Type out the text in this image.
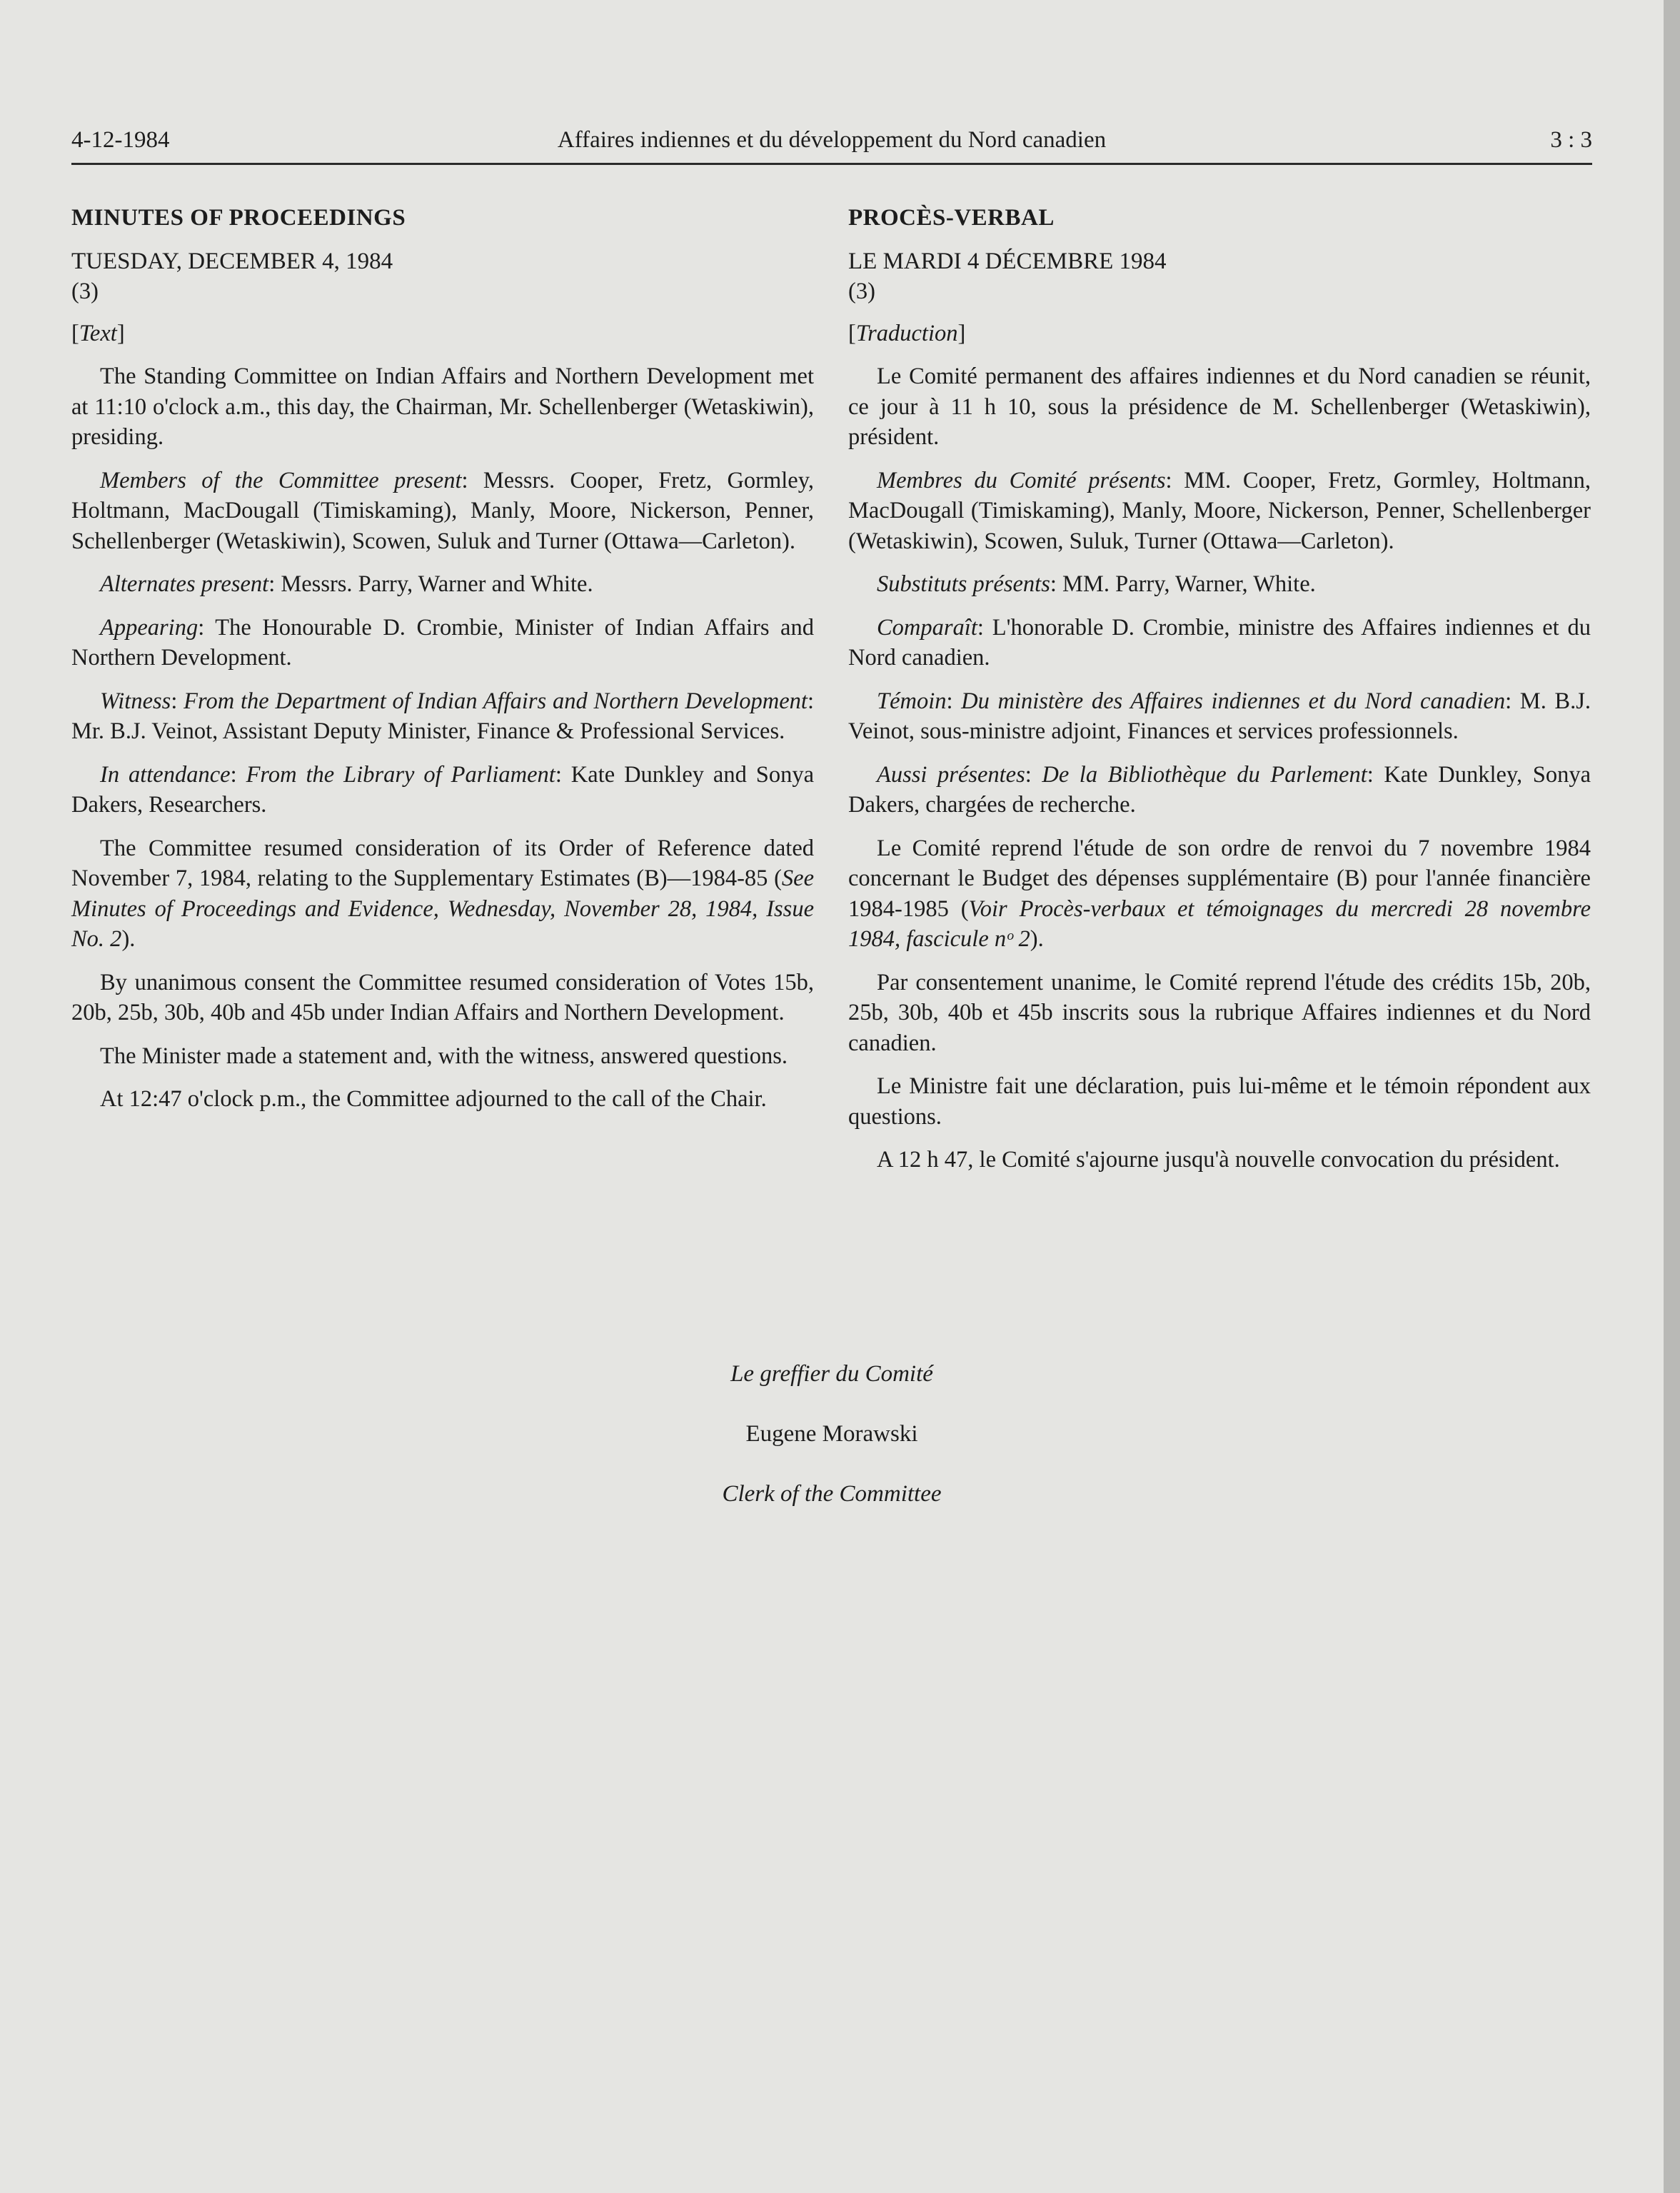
4-12-1984	Affaires indiennes et du développement du Nord canadien	3 : 3
MINUTES OF PROCEEDINGS

TUESDAY, DECEMBER 4, 1984

(3)

[Text]

The Standing Committee on Indian Affairs and Northern Development met at 11:10 o'clock a.m., this day, the Chairman, Mr. Schellenberger (Wetaskiwin), presiding.

Members of the Committee present: Messrs. Cooper, Fretz, Gormley, Holtmann, MacDougall (Timiskaming), Manly, Moore, Nickerson, Penner, Schellenberger (Wetaskiwin), Scowen, Suluk and Turner (Ottawa—Carleton).

Alternates present: Messrs. Parry, Warner and White.

Appearing: The Honourable D. Crombie, Minister of Indian Affairs and Northern Development.

Witness: From the Department of Indian Affairs and Northern Development: Mr. B.J. Veinot, Assistant Deputy Minister, Finance & Professional Services.

In attendance: From the Library of Parliament: Kate Dunkley and Sonya Dakers, Researchers.

The Committee resumed consideration of its Order of Reference dated November 7, 1984, relating to the Supplementary Estimates (B)—1984-85 (See Minutes of Proceedings and Evidence, Wednesday, November 28, 1984, Issue No. 2).

By unanimous consent the Committee resumed consideration of Votes 15b, 20b, 25b, 30b, 40b and 45b under Indian Affairs and Northern Development.

The Minister made a statement and, with the witness, answered questions.

At 12:47 o'clock p.m., the Committee adjourned to the call of the Chair.

PROCÈS-VERBAL

LE MARDI 4 DÉCEMBRE 1984

(3)

[Traduction]

Le Comité permanent des affaires indiennes et du Nord canadien se réunit, ce jour à 11 h 10, sous la présidence de M. Schellenberger (Wetaskiwin), président.

Membres du Comité présents: MM. Cooper, Fretz, Gormley, Holtmann, MacDougall (Timiskaming), Manly, Moore, Nickerson, Penner, Schellenberger (Wetaskiwin), Scowen, Suluk, Turner (Ottawa—Carleton).

Substituts présents: MM. Parry, Warner, White.

Comparaît: L'honorable D. Crombie, ministre des Affaires indiennes et du Nord canadien.

Témoin: Du ministère des Affaires indiennes et du Nord canadien: M. B.J. Veinot, sous-ministre adjoint, Finances et services professionnels.

Aussi présentes: De la Bibliothèque du Parlement: Kate Dunkley, Sonya Dakers, chargées de recherche.

Le Comité reprend l'étude de son ordre de renvoi du 7 novembre 1984 concernant le Budget des dépenses supplémentaire (B) pour l'année financière 1984-1985 (Voir Procès-verbaux et témoignages du mercredi 28 novembre 1984, fascicule nᵒ 2).

Par consentement unanime, le Comité reprend l'étude des crédits 15b, 20b, 25b, 30b, 40b et 45b inscrits sous la rubrique Affaires indiennes et du Nord canadien.

Le Ministre fait une déclaration, puis lui-même et le témoin répondent aux questions.

A 12 h 47, le Comité s'ajourne jusqu'à nouvelle convocation du président.

Le greffier du Comité
Eugene Morawski
Clerk of the Committee
